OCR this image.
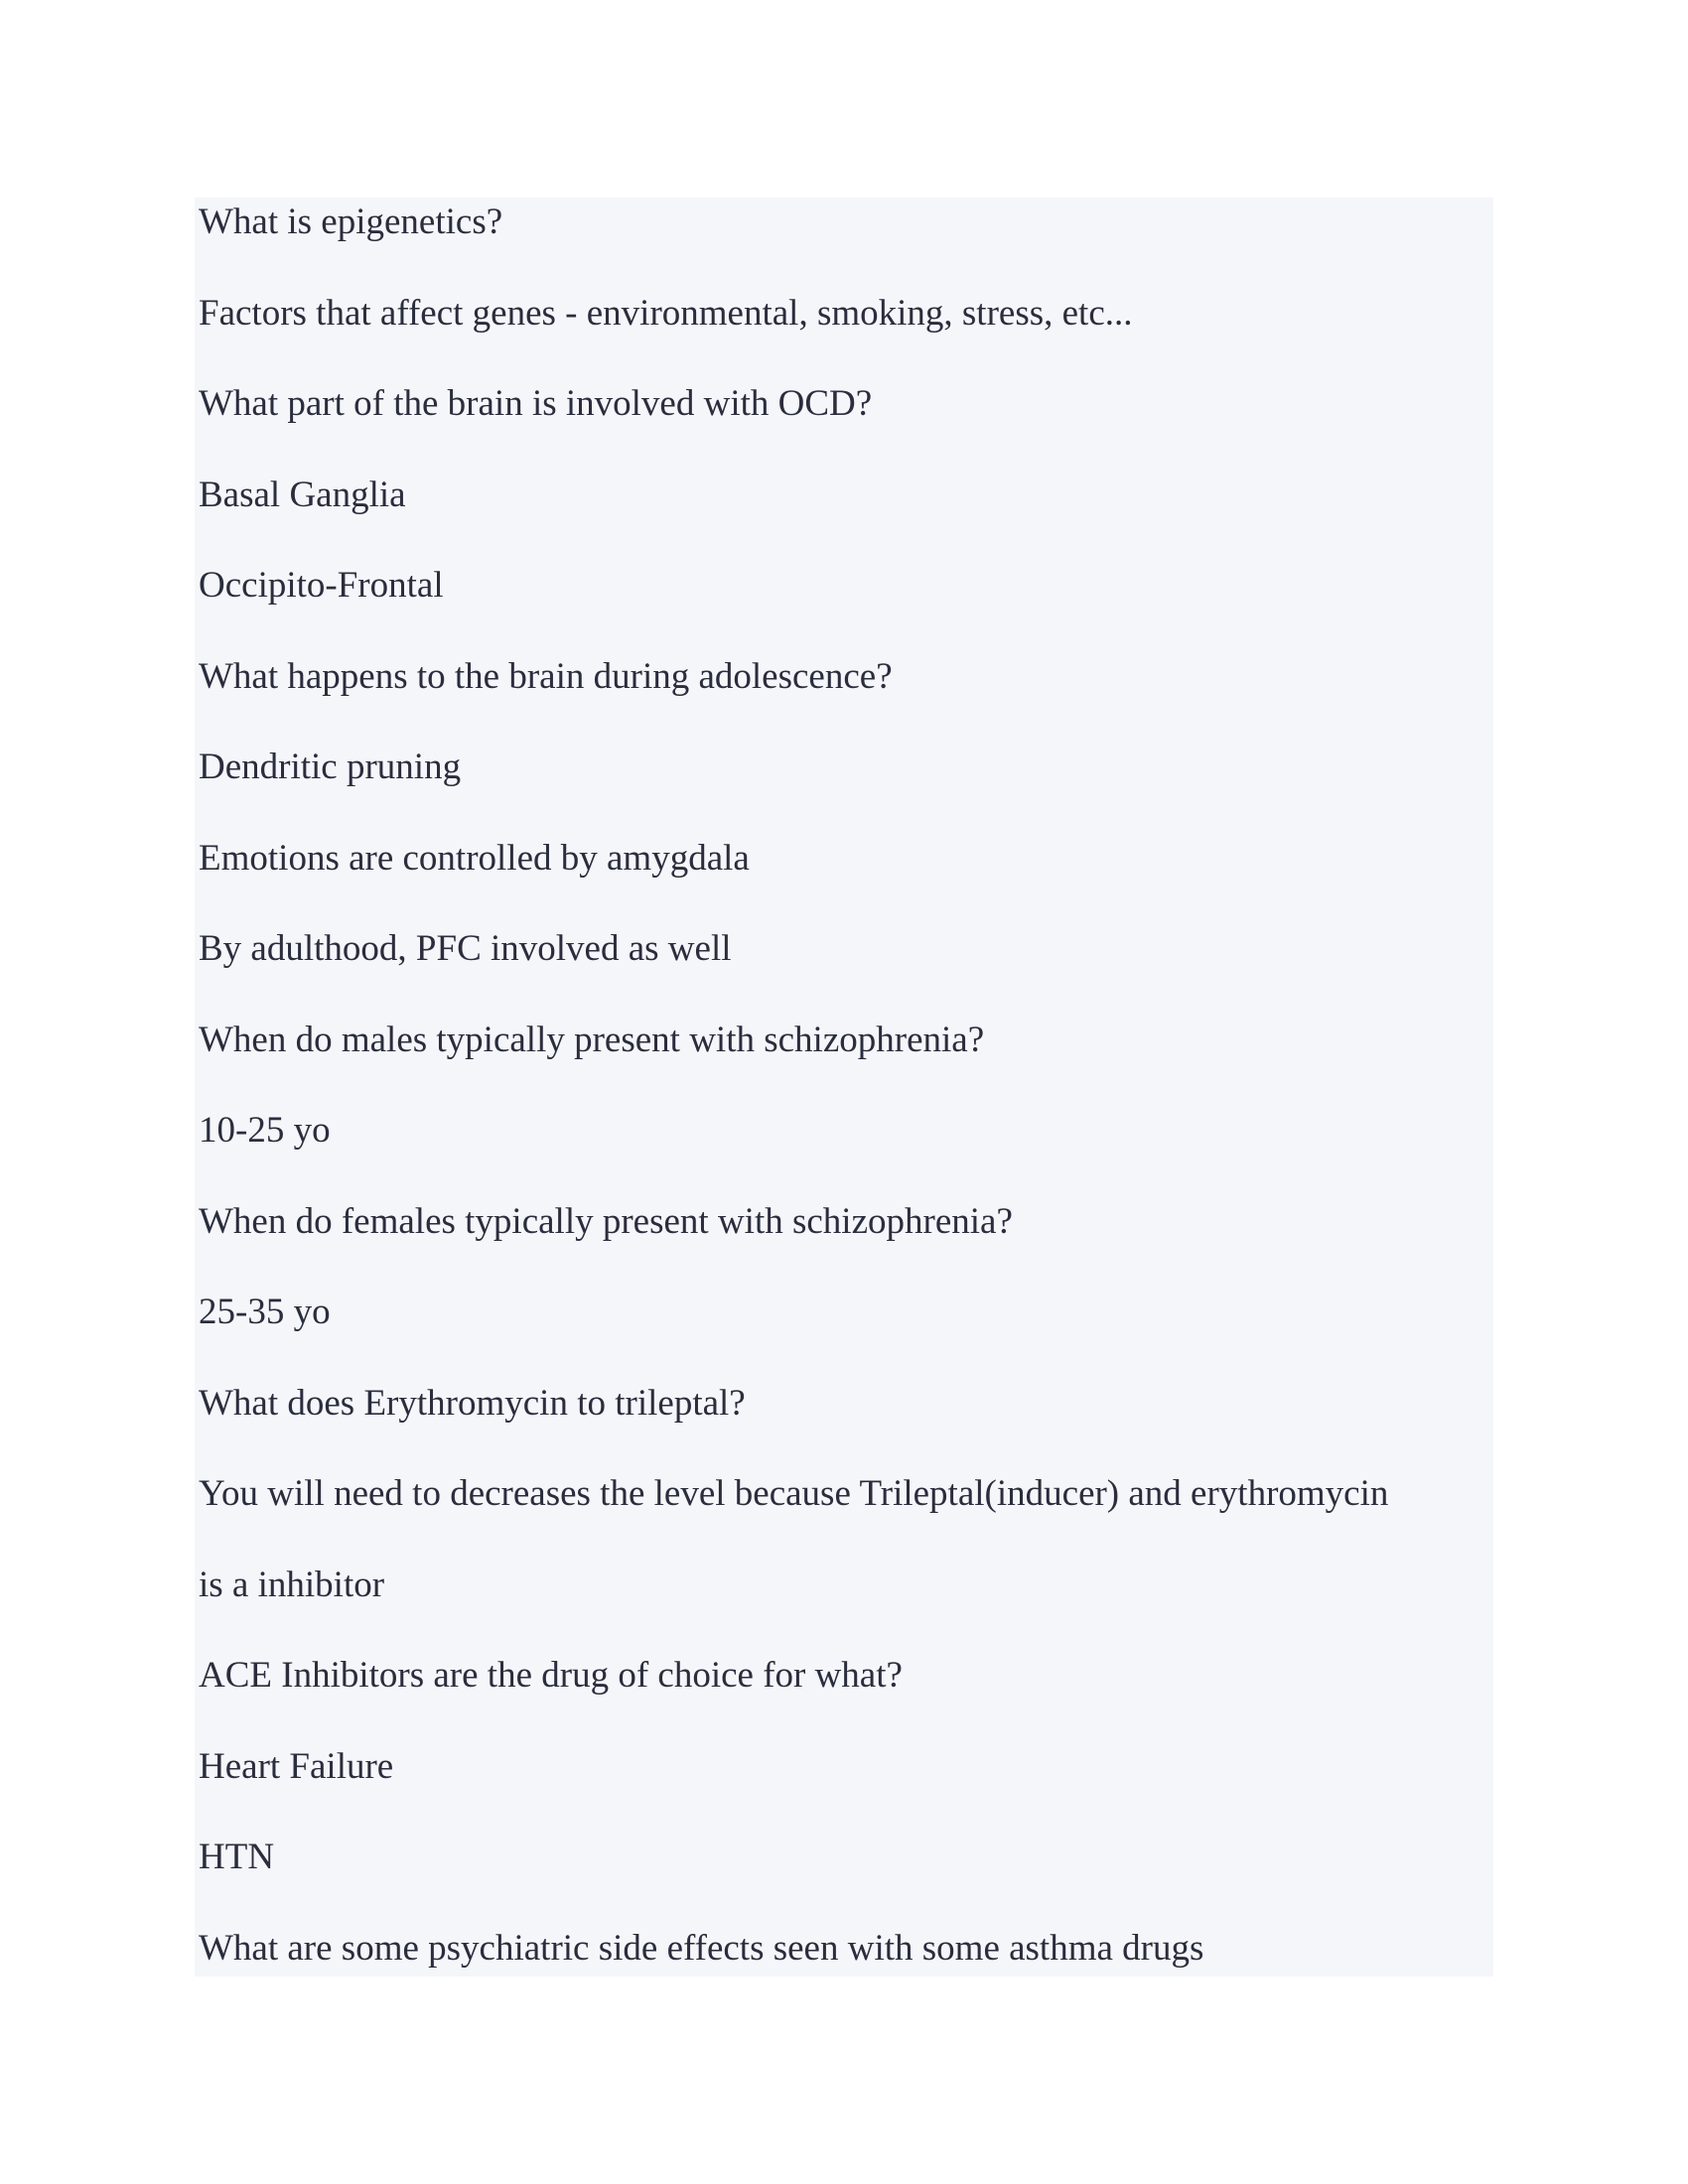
What is epigenetics?
Factors that affect genes - environmental, smoking, stress, etc...
What part of the brain is involved with OCD?
Basal Ganglia
Occipito-Frontal
What happens to the brain during adolescence?
Dendritic pruning
Emotions are controlled by amygdala
By adulthood, PFC involved as well
When do males typically present with schizophrenia?
10-25 yo
When do females typically present with schizophrenia?
25-35 yo
What does Erythromycin to trileptal?
You will need to decreases the level because Trileptal(inducer) and erythromycin
is a inhibitor
ACE Inhibitors are the drug of choice for what?
Heart Failure
HTN
What are some psychiatric side effects seen with some asthma drugs
